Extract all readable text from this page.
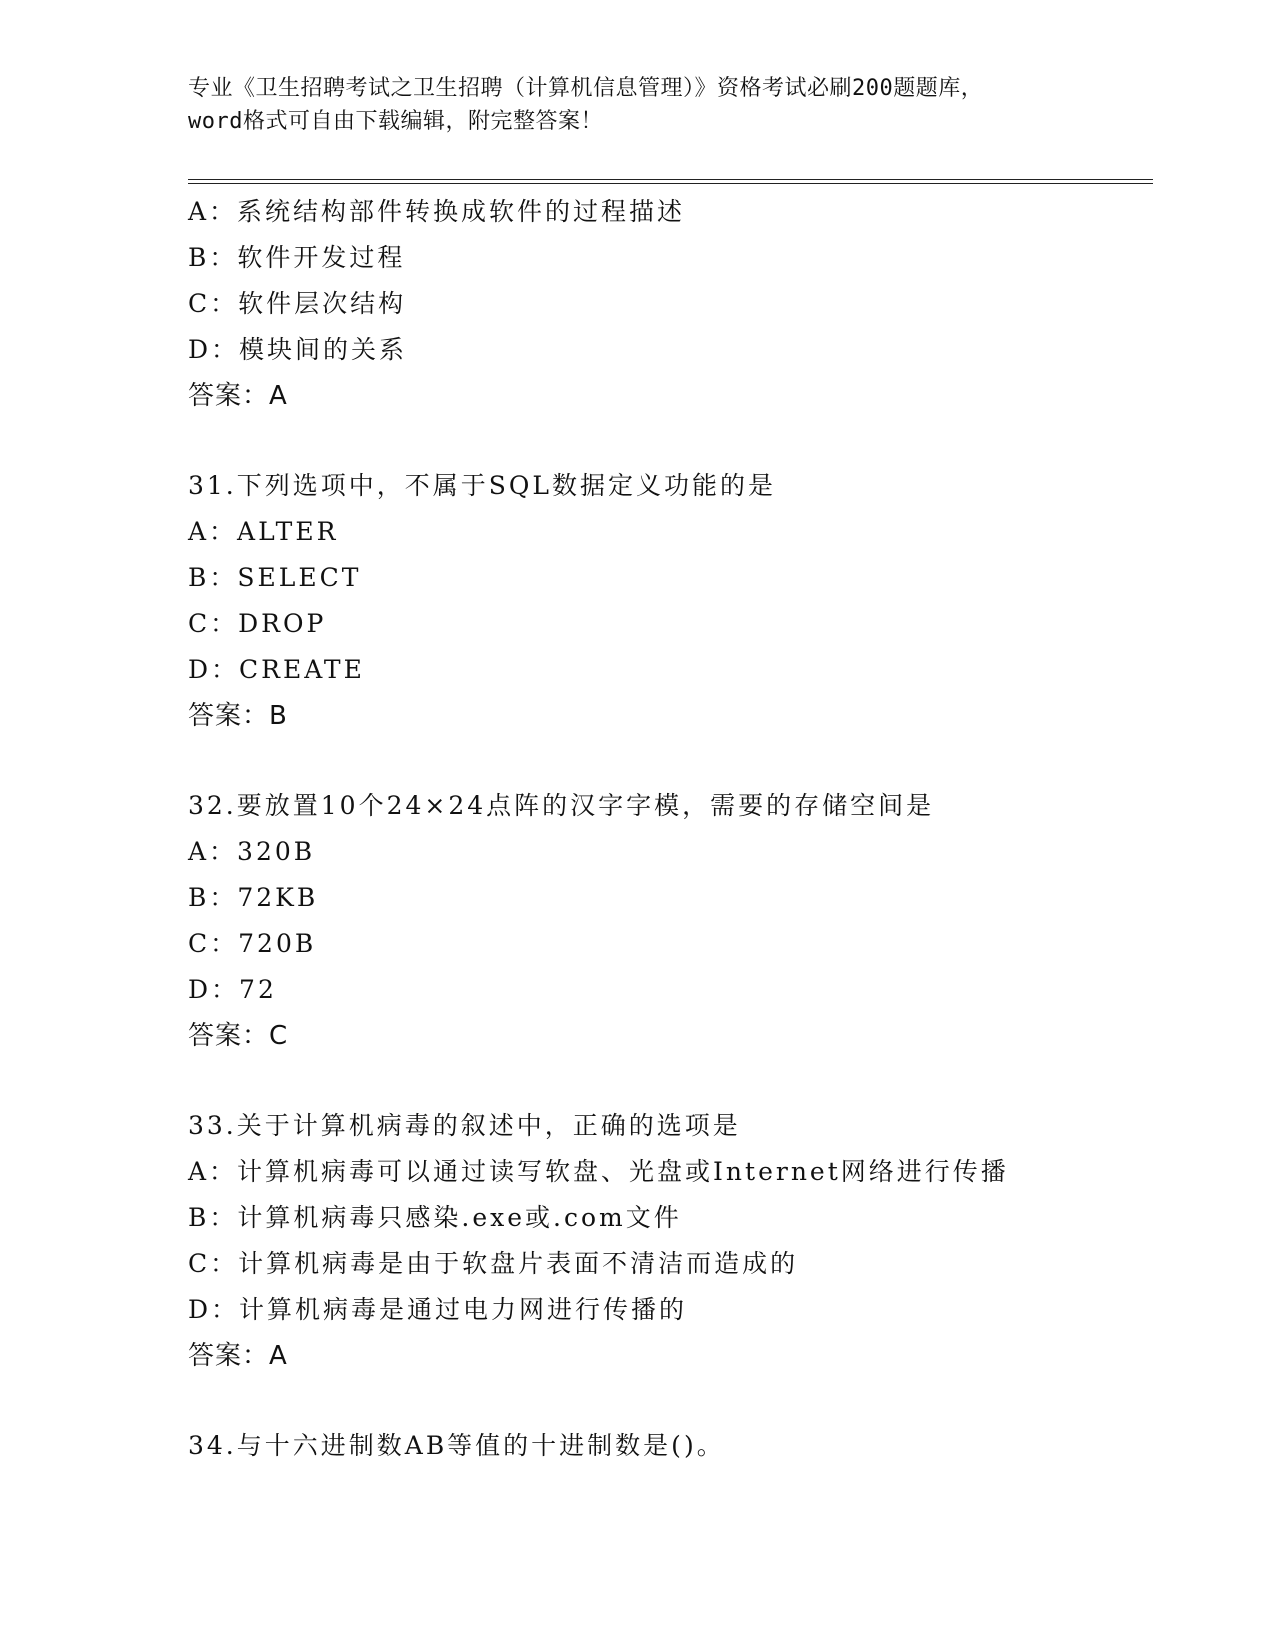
专业《卫生招聘考试之卫生招聘（计算机信息管理）》资格考试必刷200题题库，
word格式可自由下载编辑，附完整答案！
A：系统结构部件转换成软件的过程描述
B：软件开发过程
C：软件层次结构
D：模块间的关系
答案：A
31.下列选项中，不属于SQL数据定义功能的是
A：ALTER
B：SELECT
C：DROP
D：CREATE
答案：B
32.要放置10个24×24点阵的汉字字模，需要的存储空间是
A：320B
B：72KB
C：720B
D：72
答案：C
33.关于计算机病毒的叙述中，正确的选项是
A：计算机病毒可以通过读写软盘、光盘或Internet网络进行传播
B：计算机病毒只感染.exe或.com文件
C：计算机病毒是由于软盘片表面不清洁而造成的
D：计算机病毒是通过电力网进行传播的
答案：A
34.与十六进制数AB等值的十进制数是()。
